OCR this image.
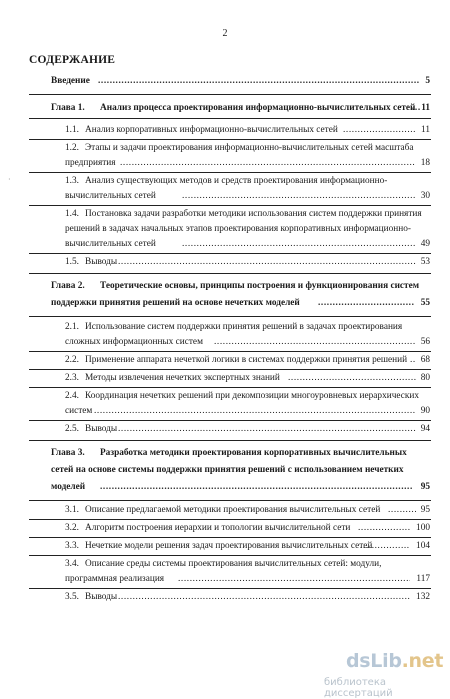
2
СОДЕРЖАНИЕ
·
Введение .....	5
Глава 1. Анализ процесса проектирования информационно-вычислительных сетей ..... 11
1.1. Анализ корпоративных информационно-вычислительных сетей .....	11
1.2. Этапы и задачи проектирования информационно-вычислительных сетей масштаба
предприятия .....	18
1.3. Анализ существующих методов и средств проектирования информационно-
вычислительных сетей .....	30
1.4. Постановка задачи разработки методики использования систем поддержки принятия
решений в задачах начальных этапов проектирования корпоративных информационно-
вычислительных сетей .....	49
1.5. Выводы .....	53
Глава 2. Теоретические основы, принципы построения и функционирования систем
поддержки принятия решений на основе нечетких моделей .....	55
2.1. Использование систем поддержки принятия решений в задачах проектирования
сложных информационных систем .....	56
2.2. Применение аппарата нечеткой логики в системах поддержки принятия решений ..... 68
2.3. Методы извлечения нечетких экспертных знаний .....	80
2.4. Координация нечетких решений при декомпозиции многоуровневых иерархических
систем .....	90
2.5. Выводы .....	94
Глава 3. Разработка методики проектирования корпоративных вычислительных
сетей на основе системы поддержки принятия решений с использованием нечетких
моделей .....	95
3.1. Описание предлагаемой методики проектирования вычислительных сетей .....	95
3.2. Алгоритм построения иерархии и топологии вычислительной сети .....	100
3.3. Нечеткие модели решения задач проектирования вычислительных сетей .....	104
3.4. Описание среды системы проектирования вычислительных сетей: модули,
программная реализация .....	117
3.5. Выводы .....	132
dsLib.net
библиотека диссертаций
